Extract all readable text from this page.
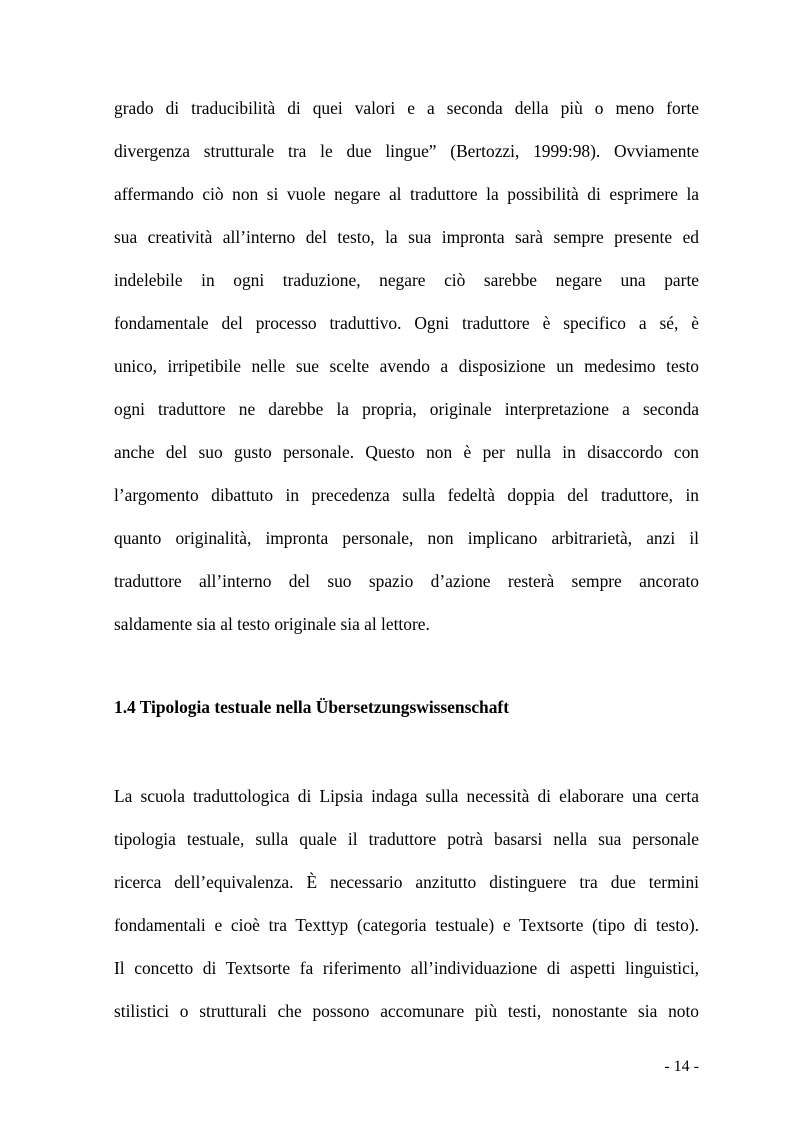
grado di traducibilità di quei valori e a seconda della più o meno forte
divergenza strutturale tra le due lingue” (Bertozzi, 1999:98). Ovviamente
affermando ciò non si vuole negare al traduttore la possibilità di esprimere la
sua creatività all’interno del testo, la sua impronta sarà sempre presente ed
indelebile in ogni traduzione, negare ciò sarebbe negare una parte
fondamentale del processo traduttivo. Ogni traduttore è specifico a sé, è
unico, irripetibile nelle sue scelte avendo a disposizione un medesimo testo
ogni traduttore ne darebbe la propria, originale interpretazione a seconda
anche del suo gusto personale. Questo non è per nulla in disaccordo con
l’argomento dibattuto in precedenza sulla fedeltà doppia del traduttore, in
quanto originalità, impronta personale, non implicano arbitrarietà, anzi il
traduttore all’interno del suo spazio d’azione resterà sempre ancorato
saldamente sia al testo originale sia al lettore.
1.4 Tipologia testuale nella Übersetzungswissenschaft
La scuola traduttologica di Lipsia indaga sulla necessità di elaborare una certa
tipologia testuale, sulla quale il traduttore potrà basarsi nella sua personale
ricerca dell’equivalenza. È necessario anzitutto distinguere tra due termini
fondamentali e cioè tra Texttyp (categoria testuale) e Textsorte (tipo di testo).
Il concetto di Textsorte fa riferimento all’individuazione di aspetti linguistici,
stilistici o strutturali che possono accomunare più testi, nonostante sia noto
- 14 -
